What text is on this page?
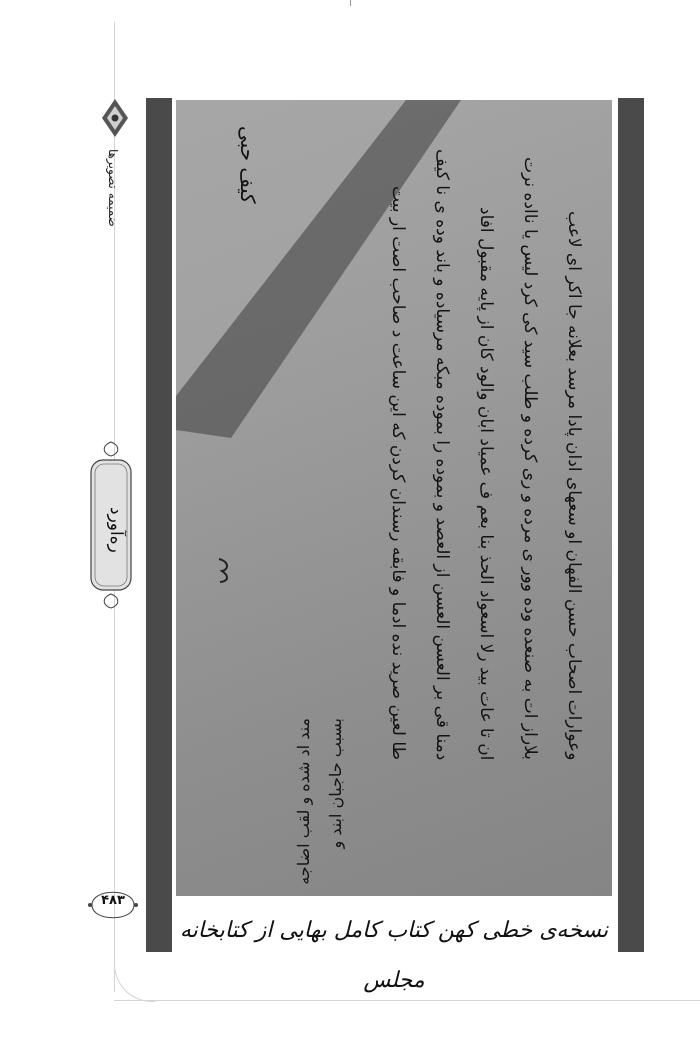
ضمیمه تصویرها
ره‌آورد
۴۸۳
وعوارات اصحاب حسن الفهان او سعهاى ادان پادا مرسد بعلانه جا اکر ای لاعب
بلاراز ات به صنعده وده وور ی مرده و ری کرده و طلب سید کی کرد لیس یا نااده نرت
ان تا عات بید رلا اسعواد الحذ بنا بعم ف عمیاد ابان والود کان از پایه مقبول افاد
دمنا قی بر العسن العسن از العصد و بموده را بموده مبکه مرسیاده و باند وده ی نا کیف
طا لعین صرید نده ادما و فابقه رسندان کردن که این ساعت د صاحب اصت ار بیت
کیف حبی
مند اد شده و لقب اضاجه بسبب حاجبان ابند و
نسخه‌ی خطی کهن کتاب کامل بهایی از کتابخانه مجلس
